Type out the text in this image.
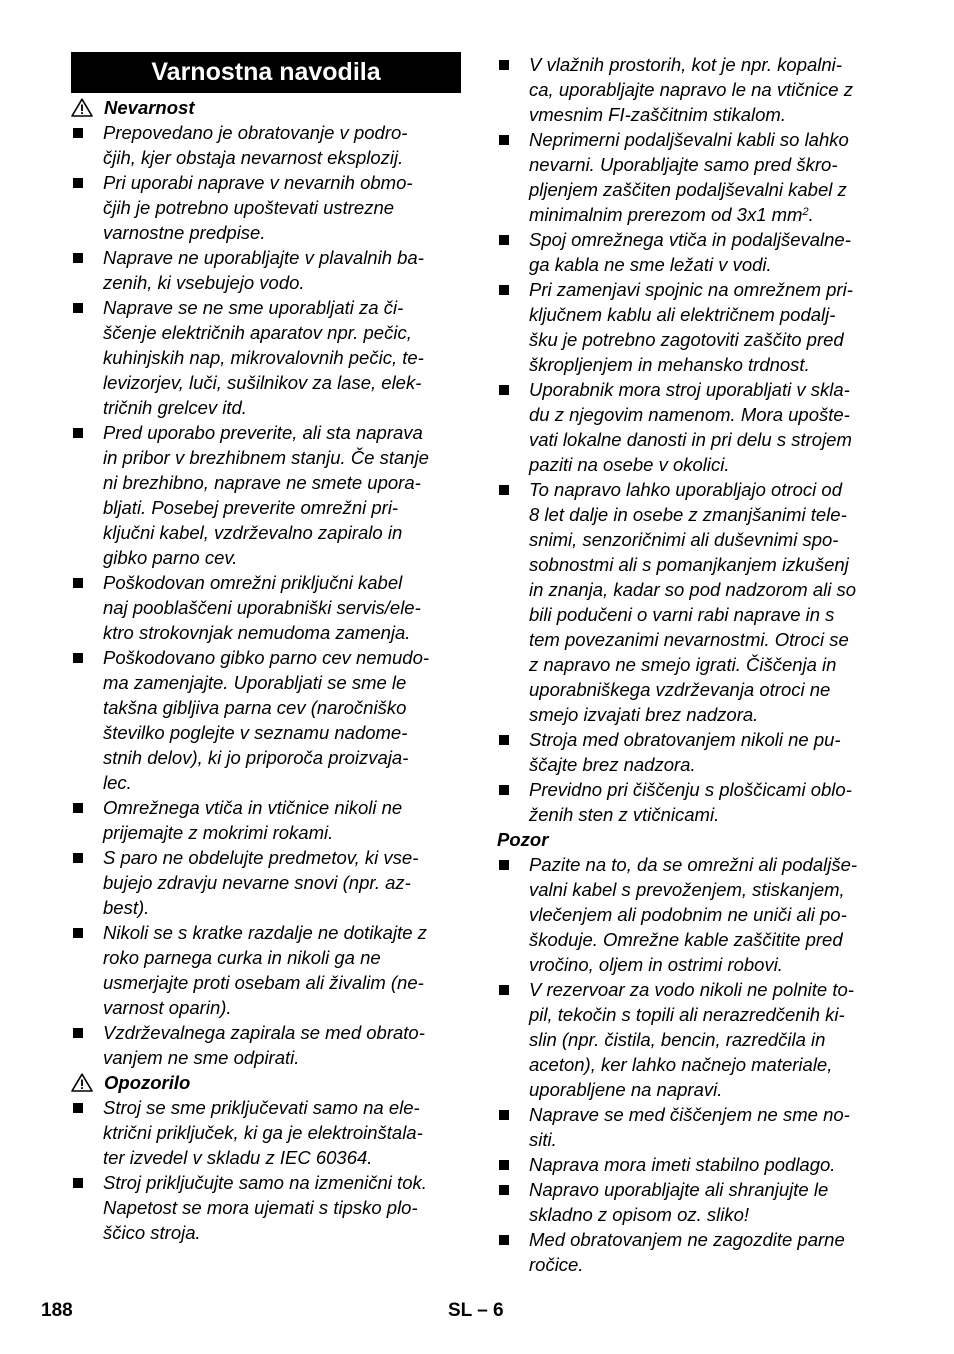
Varnostna navodila
Nevarnost
Prepovedano je obratovanje v podro-
čjih, kjer obstaja nevarnost eksplozij.
Pri uporabi naprave v nevarnih obmo-
čjih je potrebno upoštevati ustrezne
varnostne predpise.
Naprave ne uporabljajte v plavalnih ba-
zenih, ki vsebujejo vodo.
Naprave se ne sme uporabljati za či-
ščenje električnih aparatov npr. pečic,
kuhinjskih nap, mikrovalovnih pečic, te-
levizorjev, luči, sušilnikov za lase, elek-
tričnih grelcev itd.
Pred uporabo preverite, ali sta naprava
in pribor v brezhibnem stanju. Če stanje
ni brezhibno, naprave ne smete upora-
bljati. Posebej preverite omrežni pri-
ključni kabel, vzdrževalno zapiralo in
gibko parno cev.
Poškodovan omrežni priključni kabel
naj pooblaščeni uporabniški servis/ele-
ktro strokovnjak nemudoma zamenja.
Poškodovano gibko parno cev nemudo-
ma zamenjajte. Uporabljati se sme le
takšna gibljiva parna cev (naročniško
številko poglejte v seznamu nadome-
stnih delov), ki jo priporoča proizvaja-
lec.
Omrežnega vtiča in vtičnice nikoli ne
prijemajte z mokrimi rokami.
S paro ne obdelujte predmetov, ki vse-
bujejo zdravju nevarne snovi (npr. az-
best).
Nikoli se s kratke razdalje ne dotikajte z
roko parnega curka in nikoli ga ne
usmerjajte proti osebam ali živalim (ne-
varnost oparin).
Vzdrževalnega zapirala se med obrato-
vanjem ne sme odpirati.
Opozorilo
Stroj se sme priključevati samo na ele-
ktrični priključek, ki ga je elektroinštala-
ter izvedel v skladu z IEC 60364.
Stroj priključujte samo na izmenični tok.
Napetost se mora ujemati s tipsko plo-
ščico stroja.
V vlažnih prostorih, kot je npr. kopalni-
ca, uporabljajte napravo le na vtičnice z
vmesnim FI-zaščitnim stikalom.
Neprimerni podaljševalni kabli so lahko
nevarni. Uporabljajte samo pred škro-
pljenjem zaščiten podaljševalni kabel z
minimalnim prerezom od 3x1 $mm^2$.
Spoj omrežnega vtiča in podaljševalne-
ga kabla ne sme ležati v vodi.
Pri zamenjavi spojnic na omrežnem pri-
ključnem kablu ali električnem podalj-
šku je potrebno zagotoviti zaščito pred
škropljenjem in mehansko trdnost.
Uporabnik mora stroj uporabljati v skla-
du z njegovim namenom. Mora upošte-
vati lokalne danosti in pri delu s strojem
paziti na osebe v okolici.
To napravo lahko uporabljajo otroci od
8 let dalje in osebe z zmanjšanimi tele-
snimi, senzoričnimi ali duševnimi spo-
sobnostmi ali s pomanjkanjem izkušenj
in znanja, kadar so pod nadzorom ali so
bili podučeni o varni rabi naprave in s
tem povezanimi nevarnostmi. Otroci se
z napravo ne smejo igrati. Čiščenja in
uporabniškega vzdrževanja otroci ne
smejo izvajati brez nadzora.
Stroja med obratovanjem nikoli ne pu-
ščajte brez nadzora.
Previdno pri čiščenju s ploščicami oblo-
ženih sten z vtičnicami.
Pozor
Pazite na to, da se omrežni ali podaljše-
valni kabel s prevoženjem, stiskanjem,
vlečenjem ali podobnim ne uniči ali po-
škoduje. Omrežne kable zaščitite pred
vročino, oljem in ostrimi robovi.
V rezervoar za vodo nikoli ne polnite to-
pil, tekočin s topili ali nerazredčenih ki-
slin (npr. čistila, bencin, razredčila in
aceton), ker lahko načnejo materiale,
uporabljene na napravi.
Naprave se med čiščenjem ne sme no-
siti.
Naprava mora imeti stabilno podlago.
Napravo uporabljajte ali shranjujte le
skladno z opisom oz. sliko!
Med obratovanjem ne zagozdite parne
ročice.
188	SL – 6
